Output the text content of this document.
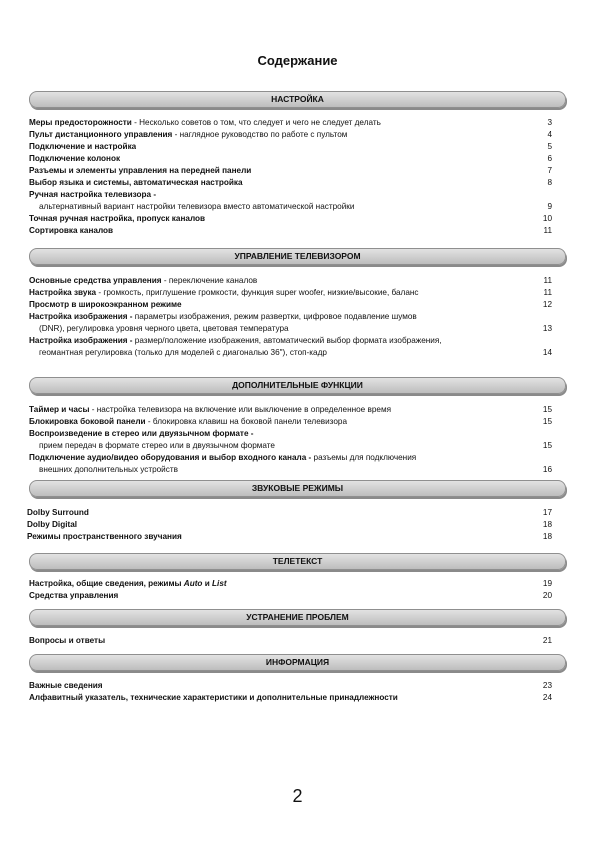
Содержание
НАСТРОЙКА
Меры предосторожности - Несколько советов о том, что следует и чего не следует делать	3
Пульт дистанционного управления - наглядное руководство по работе с пультом	4
Подключение и настройка	5
Подключение колонок	6
Разъемы и элементы управления на передней панели	7
Выбор языка и системы, автоматическая настройка	8
Ручная настройка телевизора -
альтернативный вариант настройки телевизора вместо автоматической настройки	9
Точная ручная настройка, пропуск каналов	10
Сортировка каналов	11
УПРАВЛЕНИЕ ТЕЛЕВИЗОРОМ
Основные средства управления - переключение каналов	11
Настройка звука - громкость, приглушение громкости, функция super woofer, низкие/высокие, баланс	11
Просмотр в широкоэкранном режиме	12
Настройка изображения - параметры изображения, режим развертки, цифровое подавление шумов
(DNR), регулировка уровня черного цвета, цветовая температура	13
Настройка изображения - размер/положение изображения, автоматический выбор формата изображения,
геомантная регулировка (только для моделей с диагональю 36"), стоп-кадр	14
ДОПОЛНИТЕЛЬНЫЕ ФУНКЦИИ
Таймер и часы - настройка телевизора на включение или выключение в определенное время	15
Блокировка боковой панели - блокировка клавиш на боковой панели телевизора	15
Воспроизведение в стерео или двуязычном формате -
прием передач в формате стерео или в двуязычном формате	15
Подключение аудио/видео оборудования и выбор входного канала - разъемы для подключения
внешних дополнительных устройств	16
ЗВУКОВЫЕ РЕЖИМЫ
Dolby Surround	17
Dolby Digital	18
Режимы пространственного звучания	18
ТЕЛЕТЕКСТ
Настройка, общие сведения, режимы Auto и List	19
Средства управления	20
УСТРАНЕНИЕ ПРОБЛЕМ
Вопросы и ответы	21
ИНФОРМАЦИЯ
Важные сведения	23
Алфавитный указатель, технические характеристики и дополнительные принадлежности	24
2
